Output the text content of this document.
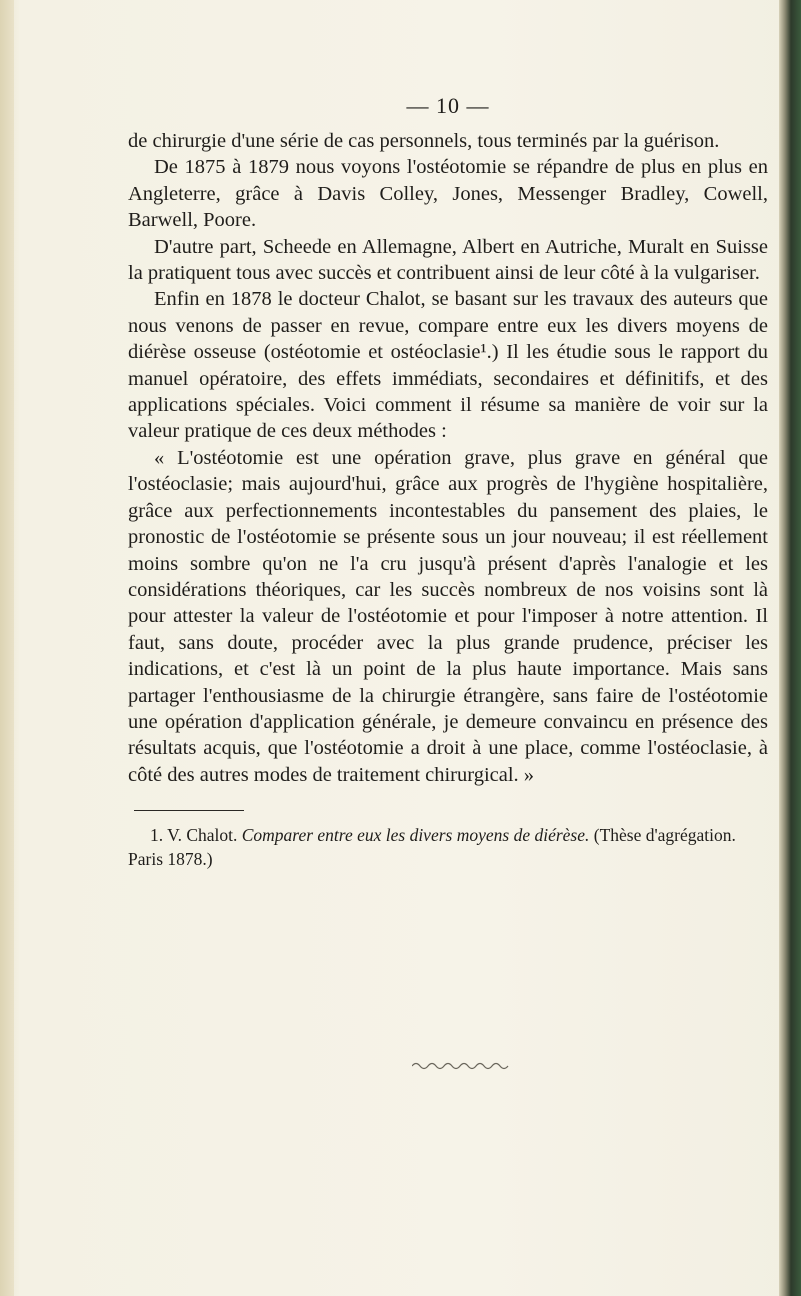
— 10 —

de chirurgie d'une série de cas personnels, tous terminés par la guérison.

De 1875 à 1879 nous voyons l'ostéotomie se répandre de plus en plus en Angleterre, grâce à Davis Colley, Jones, Messenger Bradley, Cowell, Barwell, Poore.

D'autre part, Scheede en Allemagne, Albert en Autriche, Muralt en Suisse la pratiquent tous avec succès et contribuent ainsi de leur côté à la vulgariser.

Enfin en 1878 le docteur Chalot, se basant sur les travaux des auteurs que nous venons de passer en revue, compare entre eux les divers moyens de diérèse osseuse (ostéotomie et ostéoclasie¹.) Il les étudie sous le rapport du manuel opératoire, des effets immédiats, secondaires et définitifs, et des applications spéciales. Voici comment il résume sa manière de voir sur la valeur pratique de ces deux méthodes :

« L'ostéotomie est une opération grave, plus grave en général que l'ostéoclasie; mais aujourd'hui, grâce aux progrès de l'hygiène hospitalière, grâce aux perfectionnements incontestables du pansement des plaies, le pronostic de l'ostéotomie se présente sous un jour nouveau; il est réellement moins sombre qu'on ne l'a cru jusqu'à présent d'après l'analogie et les considérations théoriques, car les succès nombreux de nos voisins sont là pour attester la valeur de l'ostéotomie et pour l'imposer à notre attention. Il faut, sans doute, procéder avec la plus grande prudence, préciser les indications, et c'est là un point de la plus haute importance. Mais sans partager l'enthousiasme de la chirurgie étrangère, sans faire de l'ostéotomie une opération d'application générale, je demeure convaincu en présence des résultats acquis, que l'ostéotomie a droit à une place, comme l'ostéoclasie, à côté des autres modes de traitement chirurgical. »

1. V. Chalot. Comparer entre eux les divers moyens de diérèse. (Thèse d'agrégation. Paris 1878.)
